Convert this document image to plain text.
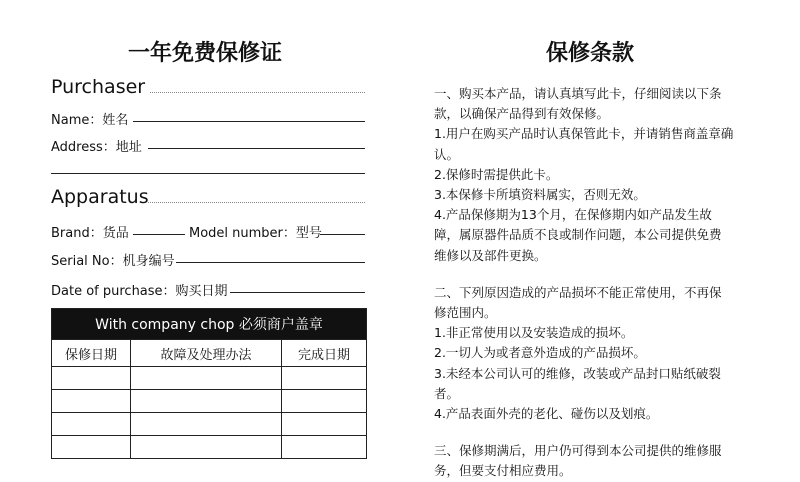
一年免费保修证
Purchaser
Name：姓名
Address：地址
Apparatus
Brand：货品	Model number：型号
Serial No：机身编号
Date of purchase：购买日期
With company chop 必须商户盖章		
保修日期	故障及处理办法	完成日期

保修条款

一、购买本产品，请认真填写此卡，仔细阅读以下条

款，以确保产品得到有效保修。

1.用户在购买产品时认真保管此卡，并请销售商盖章确

认。

2.保修时需提供此卡。

3.本保修卡所填资料属实，否则无效。

4.产品保修期为13个月，在保修期内如产品发生故

障，属原器件品质不良或制作问题，本公司提供免费

维修以及部件更换。

二、下列原因造成的产品损坏不能正常使用，不再保

修范围内。

1.非正常使用以及安装造成的损坏。

2.一切人为或者意外造成的产品损坏。

3.未经本公司认可的维修，改装或产品封口贴纸破裂

者。

4.产品表面外壳的老化、碰伤以及划痕。

三、保修期满后，用户仍可得到本公司提供的维修服

务，但要支付相应费用。
